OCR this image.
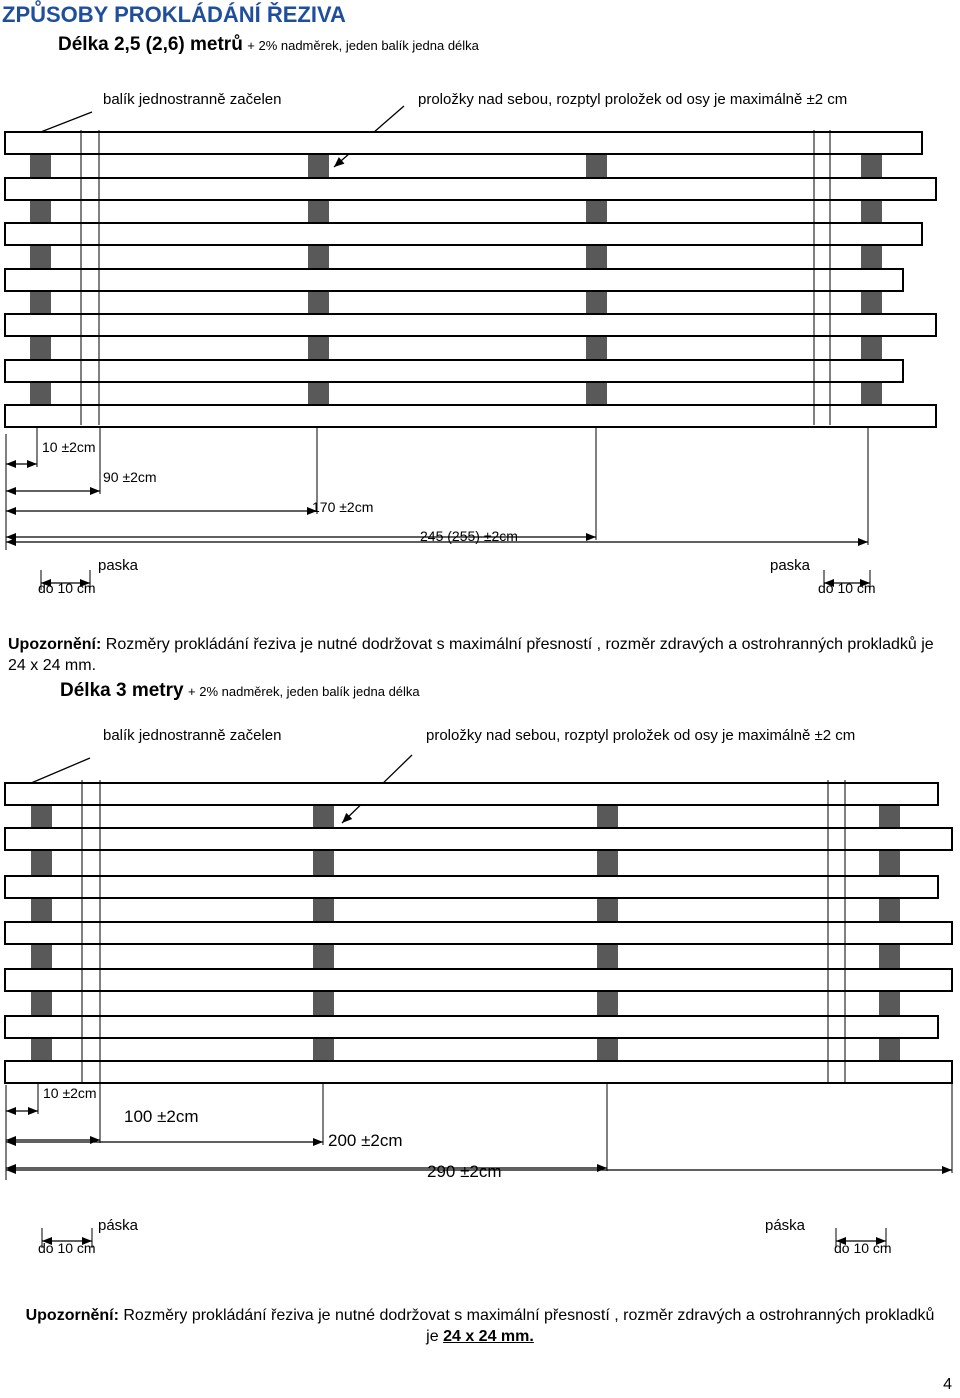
ZPŮSOBY PROKLÁDÁNÍ ŘEZIVA
Délka 2,5 (2,6) metrů + 2% nadměrek, jeden balík jedna délka
balík jednostranně začelen	proložky nad sebou, rozptyl proložek od osy je maximálně ±2 cm
10 ±2cm
90 ±2cm
170 ±2cm
245 (255) ±2cm
paska
do 10 cm
paska
do 10 cm
Upozornění: Rozměry prokládání řeziva je nutné dodržovat s maximální přesností , rozměr zdravých a ostrohranných prokladků je 24 x 24 mm.
Délka 3 metry + 2% nadměrek, jeden balík jedna délka
balík jednostranně začelen	proložky nad sebou, rozptyl proložek od osy je maximálně ±2 cm
10 ±2cm
100 ±2cm
200 ±2cm
290 ±2cm
páska
do 10 cm
páska
do 10 cm
Upozornění: Rozměry prokládání řeziva je nutné dodržovat s maximální přesností , rozměr zdravých a ostrohranných prokladků je 24 x 24 mm.
4
